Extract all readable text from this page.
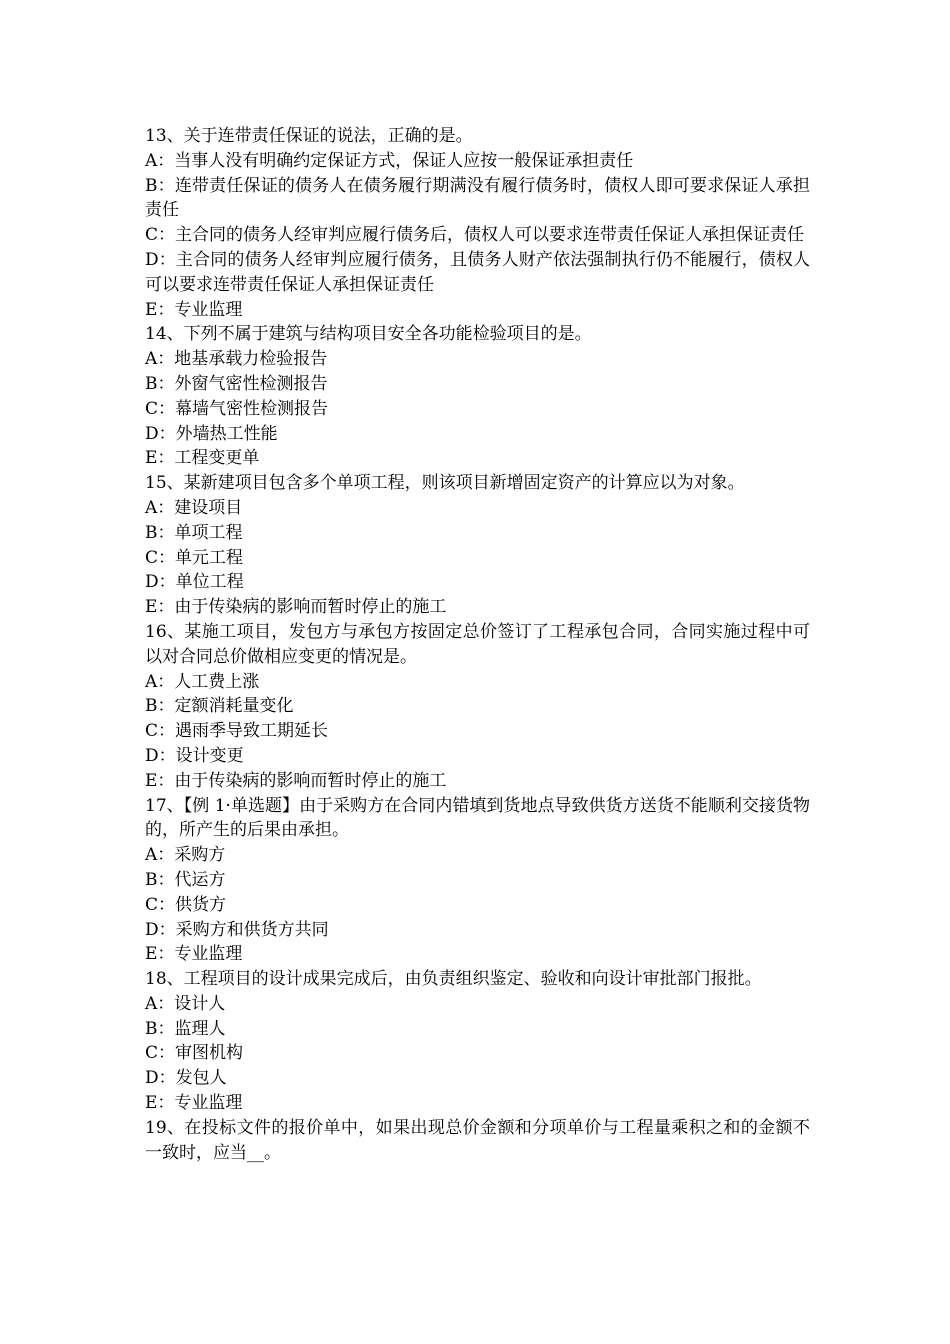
13、关于连带责任保证的说法，正确的是。
A：当事人没有明确约定保证方式，保证人应按一般保证承担责任
B：连带责任保证的债务人在债务履行期满没有履行债务时，债权人即可要求保证人承担责任
C：主合同的债务人经审判应履行债务后，债权人可以要求连带责任保证人承担保证责任
D：主合同的债务人经审判应履行债务，且债务人财产依法强制执行仍不能履行，债权人可以要求连带责任保证人承担保证责任
E：专业监理
14、下列不属于建筑与结构项目安全各功能检验项目的是。
A：地基承载力检验报告
B：外窗气密性检测报告
C：幕墙气密性检测报告
D：外墙热工性能
E：工程变更单
15、某新建项目包含多个单项工程，则该项目新增固定资产的计算应以为对象。
A：建设项目
B：单项工程
C：单元工程
D：单位工程
E：由于传染病的影响而暂时停止的施工
16、某施工项目，发包方与承包方按固定总价签订了工程承包合同，合同实施过程中可以对合同总价做相应变更的情况是。
A：人工费上涨
B：定额消耗量变化
C：遇雨季导致工期延长
D：设计变更
E：由于传染病的影响而暂时停止的施工
17、【例 1·单选题】由于采购方在合同内错填到货地点导致供货方送货不能顺利交接货物的，所产生的后果由承担。
A：采购方
B：代运方
C：供货方
D：采购方和供货方共同
E：专业监理
18、工程项目的设计成果完成后，由负责组织鉴定、验收和向设计审批部门报批。
A：设计人
B：监理人
C：审图机构
D：发包人
E：专业监理
19、在投标文件的报价单中，如果出现总价金额和分项单价与工程量乘积之和的金额不一致时，应当__。
